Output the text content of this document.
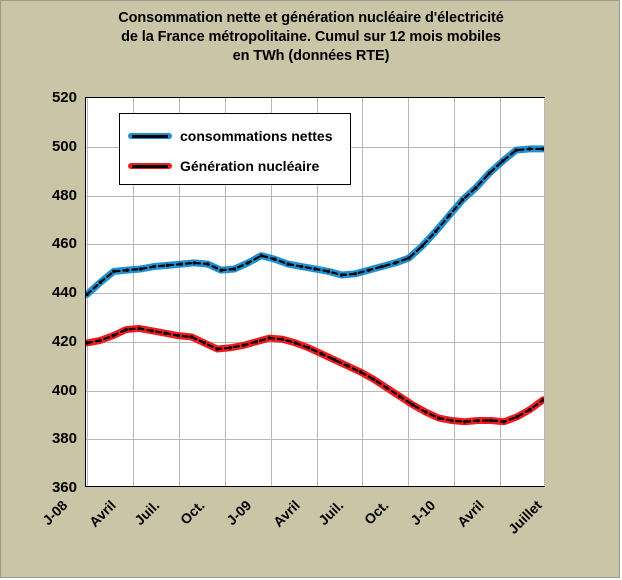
Consommation nette et génération nucléaire d'électricité
de la France métropolitaine. Cumul sur 12 mois mobiles
en TWh (données RTE)
520
500
480
460
440
420
400
380
360
J-08 Avril Juil. Oct. J-09 Avril Juil. Oct. J-10 Avril Juillet
consommations nettes
Génération nucléaire
